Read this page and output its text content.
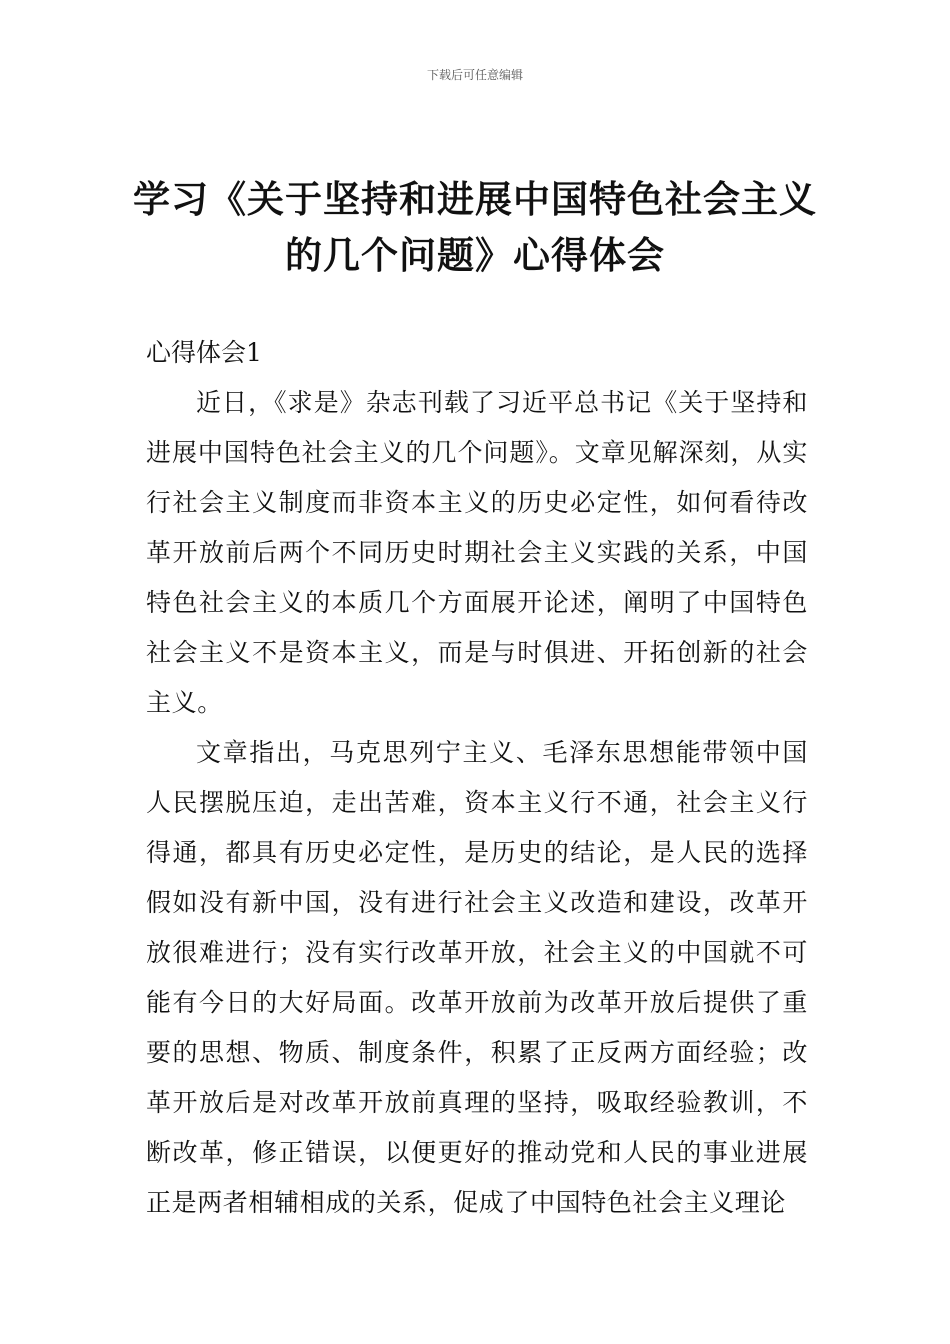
下载后可任意编辑
学习《关于坚持和进展中国特色社会主义
的几个问题》心得体会

心得体会1

近日，《求是》杂志刊载了习近平总书记《关于坚持和进展中国特色社会主义的几个问题》。文章见解深刻，从实行社会主义制度而非资本主义的历史必定性，如何看待改革开放前后两个不同历史时期社会主义实践的关系，中国特色社会主义的本质几个方面展开论述，阐明了中国特色社会主义不是资本主义，而是与时俱进、开拓创新的社会主义。

文章指出，马克思列宁主义、毛泽东思想能带领中国人民摆脱压迫，走出苦难，资本主义行不通，社会主义行得通，都具有历史必定性，是历史的结论，是人民的选择假如没有新中国，没有进行社会主义改造和建设，改革开放很难进行；没有实行改革开放，社会主义的中国就不可能有今日的大好局面。改革开放前为改革开放后提供了重要的思想、物质、制度条件，积累了正反两方面经验；改革开放后是对改革开放前真理的坚持，吸取经验教训，不断改革，修正错误，以便更好的推动党和人民的事业进展正是两者相辅相成的关系，促成了中国特色社会主义理论
